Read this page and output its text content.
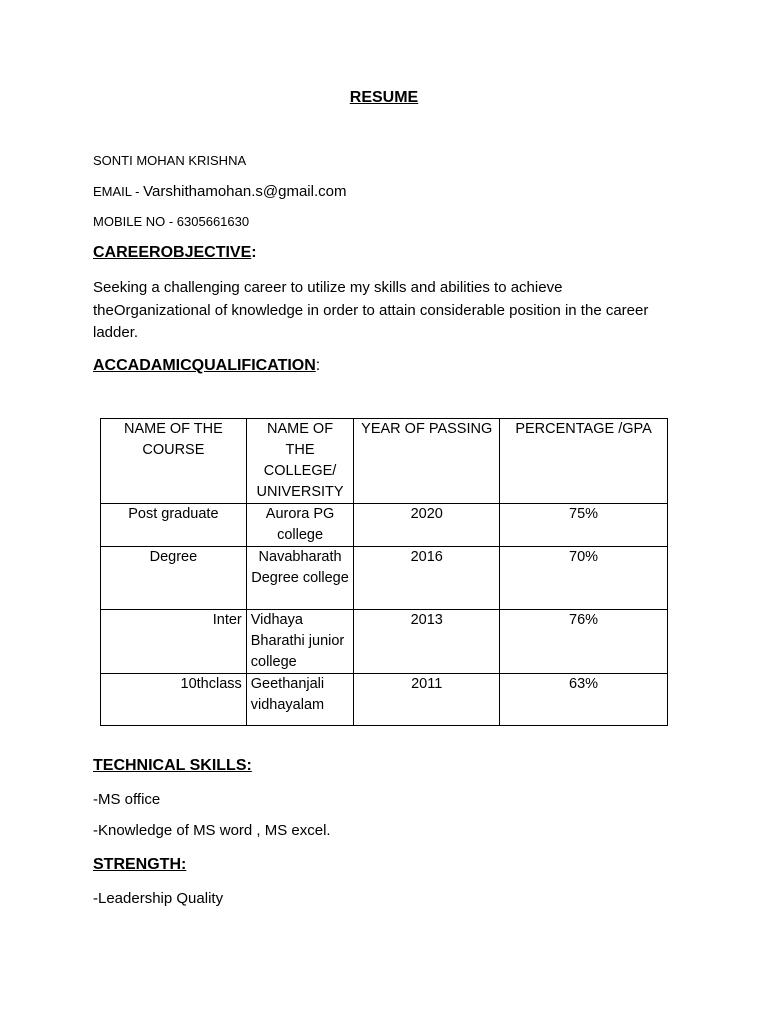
RESUME
SONTI MOHAN KRISHNA
EMAIL - Varshithamohan.s@gmail.com
MOBILE NO - 6305661630
CAREEROBJECTIVE:
Seeking a challenging career to utilize my skills and abilities to achieve theOrganizational of knowledge in order to attain considerable position in the career ladder.
ACCADAMICQUALIFICATION:
NAME OF THE COURSE	NAME OF THE COLLEGE/ UNIVERSITY	YEAR OF PASSING	PERCENTAGE /GPA
Post graduate	Aurora PG college	2020	75%
Degree	Navabharath Degree college	2016	70%
Inter	Vidhaya Bharathi junior college	2013	76%
10thclass	Geethanjali vidhayalam	2011	63%
TECHNICAL SKILLS:
-MS office
-Knowledge of MS word , MS excel.
STRENGTH:
-Leadership Quality
